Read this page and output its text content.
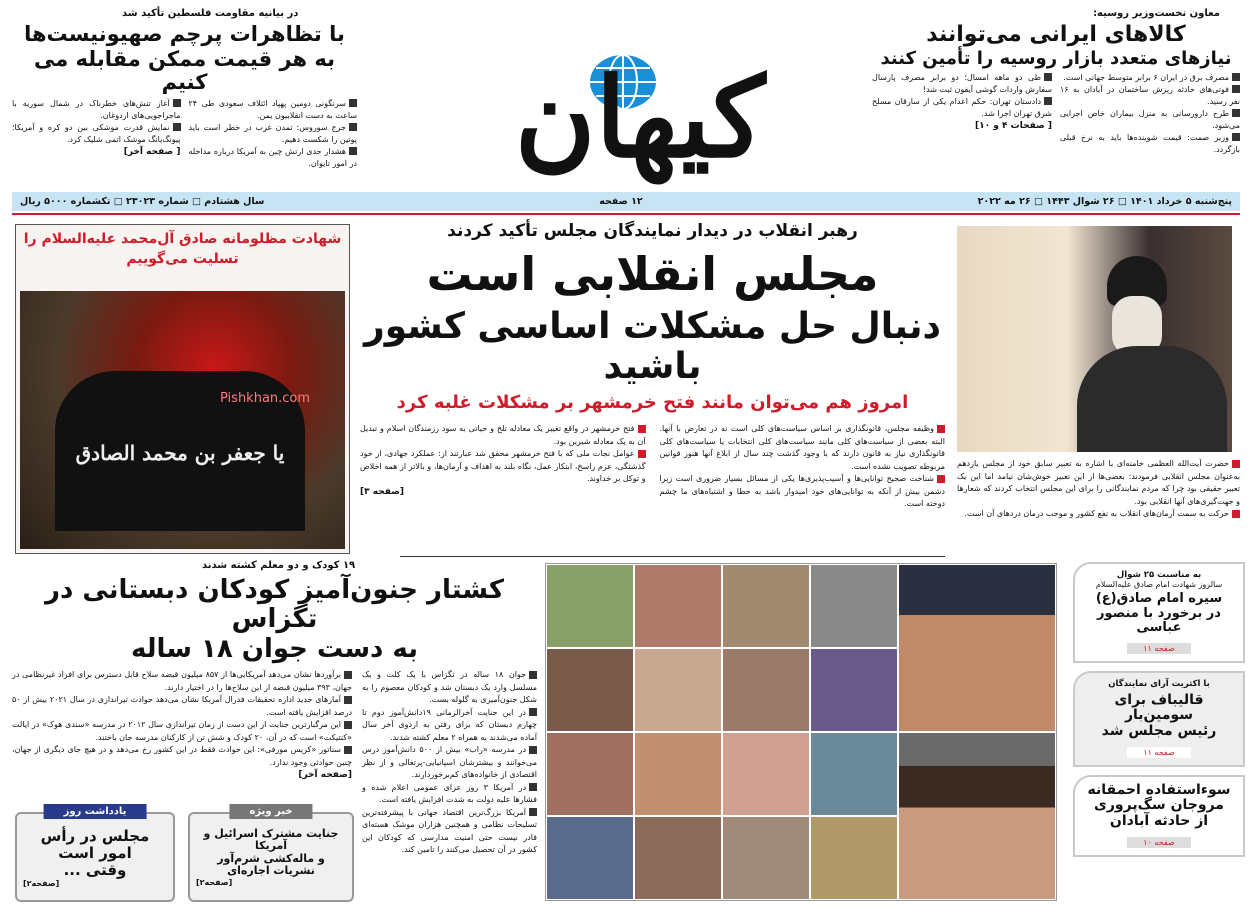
معاون نخست‌وزیر روسیه:
کالاهای ایرانی می‌توانند
نیازهای متعدد بازار روسیه را تأمین کنند

مصرف برق در ایران ۶ برابر متوسط جهانی است.

فوتی‌های حادثه ریزش ساختمان در آبادان به ۱۶ نفر رسید.

طرح دارورسانی به منزل بیماران خاص اجرایی می‌شود.

وزیر صمت: قیمت شوینده‌ها باید به نرخ قبلی بازگردد.

طی دو ماهه امسال؛ دو برابر مصرف پارسال سفارش واردات گوشی آیفون ثبت شد!

دادستان تهران: حکم اعدام یکی از سارقان مسلح شرق تهران اجرا شد.

[ صفحات ۴ و ۱۰]
کیهان
در بیانیه مقاومت فلسطین تأکید شد
با تظاهرات پرچم صهیونیست‌ها
به هر قیمت ممکن مقابله می کنیم

سرنگونی دومین پهپاد ائتلاف سعودی طی ۲۴ ساعت به دست انقلابیون یمن.

جرج سوروس: تمدن غرب در خطر است باید پوتین را شکست دهیم.

هشدار جدی ارتش چین به آمریکا درباره مداخله در امور تایوان.

آغاز تنش‌های خطرناک در شمال سوریه با ماجراجویی‌های اردوغان.

نمایش قدرت موشکی بین دو کره و آمریکا؛ پیونگ‌یانگ موشک اتمی شلیک کرد.

[ صفحه آخر]
پنج‌شنبه ۵ خرداد ۱۴۰۱ □ ۲۶ شوال ۱۴۴۳ □ ۲۶ مه ۲۰۲۲
۱۲ صفحه
سال هشتادم □ شماره ۲۳۰۲۳ □ تکشماره ۵۰۰۰ ریال
رهبر انقلاب در دیدار نمایندگان مجلس تأکید کردند
مجلس انقلابی است
دنبال حل مشکلات اساسی کشور باشید
امروز هم می‌توان مانند فتح خرمشهر بر مشکلات غلبه کرد

وظیفه مجلس، قانونگذاری بر اساس سیاست‌های کلی است نه در تعارض با آنها. البته بعضی از سیاست‌های کلی مانند سیاست‌های کلی انتخابات یا سیاست‌های کلی قانونگذاری نیاز به قانون دارند که با وجود گذشت چند سال از ابلاغ آنها هنوز قوانین مربوطه تصویب نشده است.

شناخت صحیح توانایی‌ها و آسیب‌پذیری‌ها یکی از مسائل بسیار ضروری است زیرا دشمن بیش از آنکه به توانایی‌های خود امیدوار باشد به خطا و اشتباه‌های ما چشم دوخته است.

فتح خرمشهر در واقع تغییر یک معادله تلخ و حیاتی به سود رزمندگان اسلام و تبدیل آن به یک معادله شیرین بود.

عوامل نجات ملی که با فتح خرمشهر محقق شد عبارتند از: عملکرد جهادی، از خود گذشتگی، عزم راسخ، ابتکار عمل، نگاه بلند به اهداف و آرمان‌ها، و بالاتر از همه اخلاص و توکل بر خداوند.

[صفحه ۳]

حضرت آیت‌الله العظمی خامنه‌ای با اشاره به تعبیر سابق خود از مجلس یازدهم به‌عنوان مجلس انقلابی فرمودند: بعضی‌ها از این تعبیر خوش‌شان نیامد اما این یک تعبیر حقیقی بود چرا که مردم نمایندگانی را برای این مجلس انتخاب کردند که شعارها و جهت‌گیری‌های آنها انقلابی بود.

حرکت به سمت آرمان‌های انقلاب به نفع کشور و موجب درمان دردهای آن است.

شهادت مظلومانه صادق آل‌محمد علیه‌السلام را
تسلیت می‌گوییم
یا جعفر بن محمد الصادق
Pishkhan.com
۱۹ کودک و دو معلم کشته شدند
کشتار جنون‌آمیز کودکان دبستانی در تگزاس
به دست جوان ۱۸ ساله

جوان ۱۸ ساله در تگزاس با یک کلت و یک مسلسل وارد یک دبستان شد و کودکان معصوم را به شکل جنون‌آمیزی به گلوله بست.

در این جنایت آخرالزمانی ۱۹دانش‌آموز دوم تا چهارم دبستان که برای رفتن به اردوی آخر سال آماده می‌شدند به همراه ۲ معلم کشته شدند.

در مدرسه «راب» بیش از ۵۰۰ دانش‌آموز درس می‌خوانند و بیشترشان اسپانیایی-پرتغالی و از نظر اقتصادی از خانواده‌های کم‌برخوردارند.

در آمریکا ۳ روز عزای عمومی اعلام شده و فشارها علیه دولت به شدت افزایش یافته است.

آمریکا بزرگ‌ترین اقتصاد جهانی با پیشرفته‌ترین تسلیحات نظامی و همچنین هزاران موشک هسته‌ای قادر نیست حتی امنیت مدارسی که کودکان این کشور در آن تحصیل می‌کنند را تامین کند.

برآوردها نشان می‌دهد آمریکایی‌ها از ۸۵۷ میلیون قبضه سلاح قابل دسترس برای افراد غیرنظامی در جهان، ۳۹۳ میلیون قبضه از این سلاح‌ها را در اختیار دارند.

آمارهای جدید اداره تحقیقات فدرال آمریکا نشان می‌دهد حوادث تیراندازی در سال ۲۰۲۱ بیش از ۵۰ درصد افزایش یافته است.

این مرگبارترین جنایت از این دست از زمان تیراندازی سال ۲۰۱۲ در مدرسه «سندی هوک» در ایالت «کنتیکت» است که در آن، ۲۰ کودک و شش تن از کارکنان مدرسه جان باختند.

سناتور «کریس مورفی»: این حوادث فقط در این کشور رخ می‌دهد و در هیچ جای دیگری از جهان، چنین حوادثی وجود ندارد.

[صفحه آخر]
یادداشت روز
مجلس در رأس امور است
وقتی ...
[صفحه۲]
خبر ویژه
جنایت مشترک اسرائیل و آمریکا
و ماله‌کشی شرم‌آور
نشریات اجاره‌ای
[صفحه۲]
به مناسبت ۲۵ شوال
سالروز شهادت امام صادق علیه‌السلام
سیره امام صادق(ع)
در برخورد با منصور عباسی
صفحه ۱۱
با اکثریت آرای نمایندگان
قالیباف برای سومین‌بار
رئیس مجلس شد
صفحه ۱۱
سوءاستفاده احمقانه
مروجان سگ‌پروری
از حادثه آبادان
صفحه ۱۰
